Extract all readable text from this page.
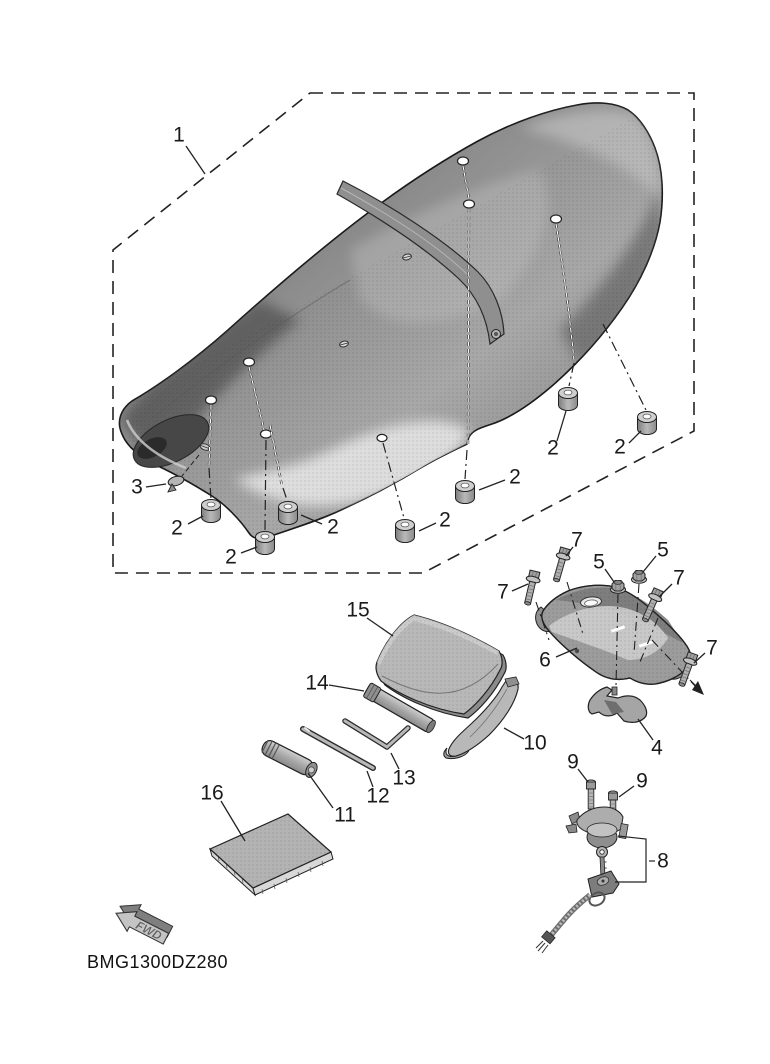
FWD
1
2
2
2	2
2
2	2
3
4
5
5
6
7
7
7
7
8
9
9
10
11
12
13
14
15
16
BMG1300DZ280
